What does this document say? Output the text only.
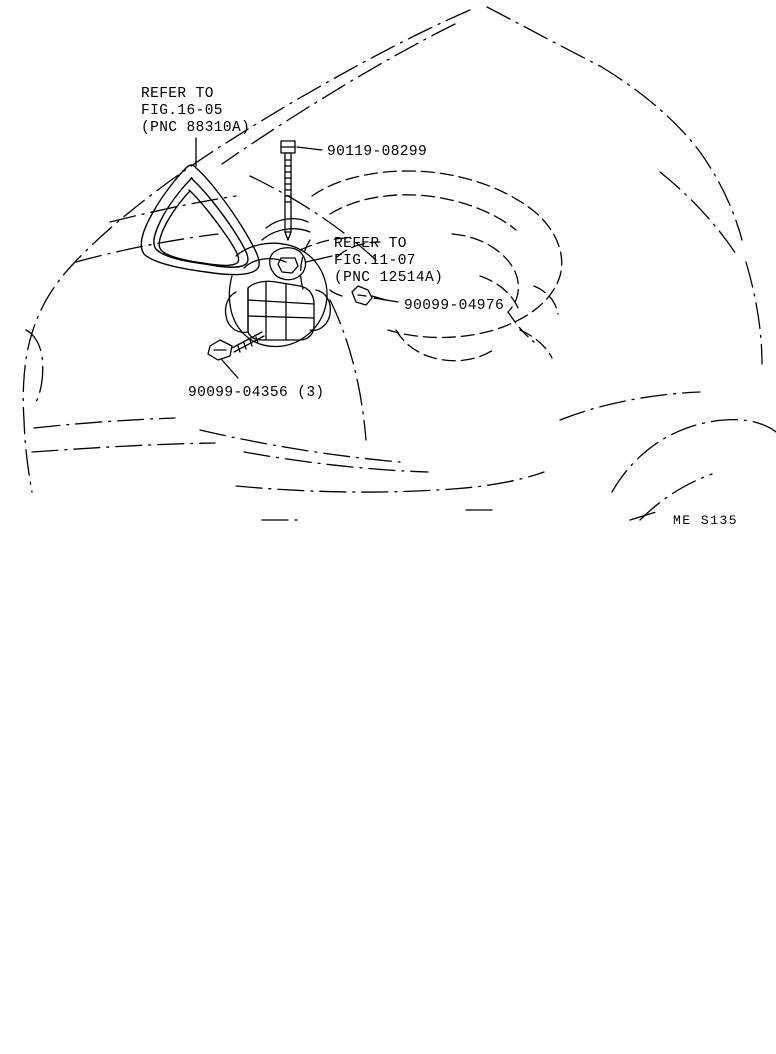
REFER TO
FIG.16-05
(PNC 88310A)
90119-08299
REFER TO
FIG.11-07
(PNC 12514A)
90099-04976
90099-04356 (3)
ME S135
